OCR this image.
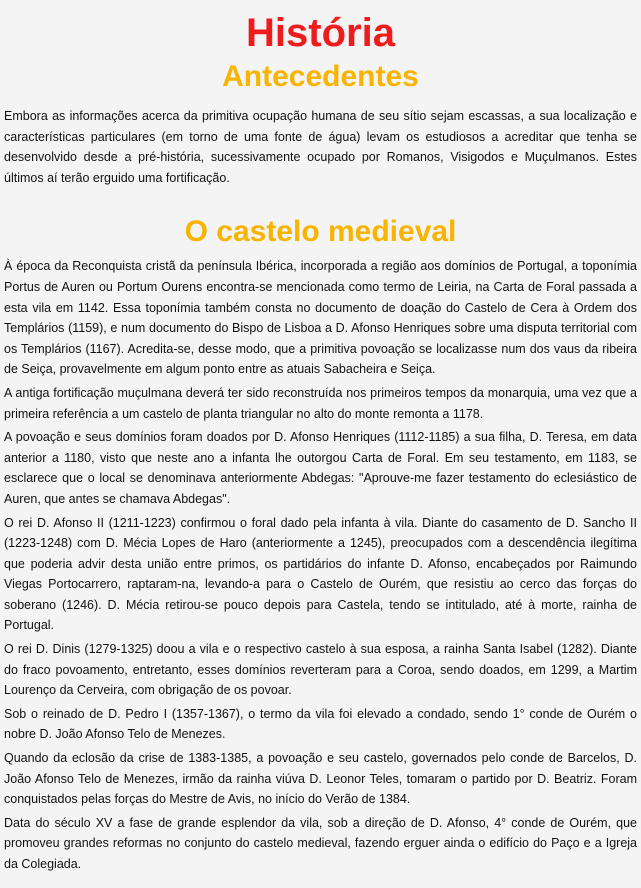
História
Antecedentes

Embora as informações acerca da primitiva ocupação humana de seu sítio sejam escassas, a sua localização e características particulares (em torno de uma fonte de água) levam os estudiosos a acreditar que tenha se desenvolvido desde a pré-história, sucessivamente ocupado por Romanos, Visigodos e Muçulmanos. Estes últimos aí terão erguido uma fortificação.

O castelo medieval

À época da Reconquista cristã da península Ibérica, incorporada a região aos domínios de Portugal, a toponímia Portus de Auren ou Portum Ourens encontra-se mencionada como termo de Leiria, na Carta de Foral passada a esta vila em 1142. Essa toponímia também consta no documento de doação do Castelo de Cera à Ordem dos Templários (1159), e num documento do Bispo de Lisboa a D. Afonso Henriques sobre uma disputa territorial com os Templários (1167). Acredita-se, desse modo, que a primitiva povoação se localizasse num dos vaus da ribeira de Seiça, provavelmente em algum ponto entre as atuais Sabacheira e Seiça.

A antiga fortificação muçulmana deverá ter sido reconstruída nos primeiros tempos da monarquia, uma vez que a primeira referência a um castelo de planta triangular no alto do monte remonta a 1178.

A povoação e seus domínios foram doados por D. Afonso Henriques (1112-1185) a sua filha, D. Teresa, em data anterior a 1180, visto que neste ano a infanta lhe outorgou Carta de Foral. Em seu testamento, em 1183, se esclarece que o local se denominava anteriormente Abdegas: "Aprouve-me fazer testamento do eclesiástico de Auren, que antes se chamava Abdegas".

O rei D. Afonso II (1211-1223) confirmou o foral dado pela infanta à vila. Diante do casamento de D. Sancho II (1223-1248) com D. Mécia Lopes de Haro (anteriormente a 1245), preocupados com a descendência ilegítima que poderia advir desta união entre primos, os partidários do infante D. Afonso, encabeçados por Raimundo Viegas Portocarrero, raptaram-na, levando-a para o Castelo de Ourém, que resistiu ao cerco das forças do soberano (1246). D. Mécia retirou-se pouco depois para Castela, tendo se intitulado, até à morte, rainha de Portugal.

O rei D. Dinis (1279-1325) doou a vila e o respectivo castelo à sua esposa, a rainha Santa Isabel (1282). Diante do fraco povoamento, entretanto, esses domínios reverteram para a Coroa, sendo doados, em 1299, a Martim Lourenço da Cerveira, com obrigação de os povoar.

Sob o reinado de D. Pedro I (1357-1367), o termo da vila foi elevado a condado, sendo 1° conde de Ourém o nobre D. João Afonso Telo de Menezes.

Quando da eclosão da crise de 1383-1385, a povoação e seu castelo, governados pelo conde de Barcelos, D. João Afonso Telo de Menezes, irmão da rainha viúva D. Leonor Teles, tomaram o partido por D. Beatriz. Foram conquistados pelas forças do Mestre de Avis, no início do Verão de 1384.

Data do século XV a fase de grande esplendor da vila, sob a direção de D. Afonso, 4° conde de Ourém, que promoveu grandes reformas no conjunto do castelo medieval, fazendo erguer ainda o edifício do Paço e a Igreja da Colegiada.
